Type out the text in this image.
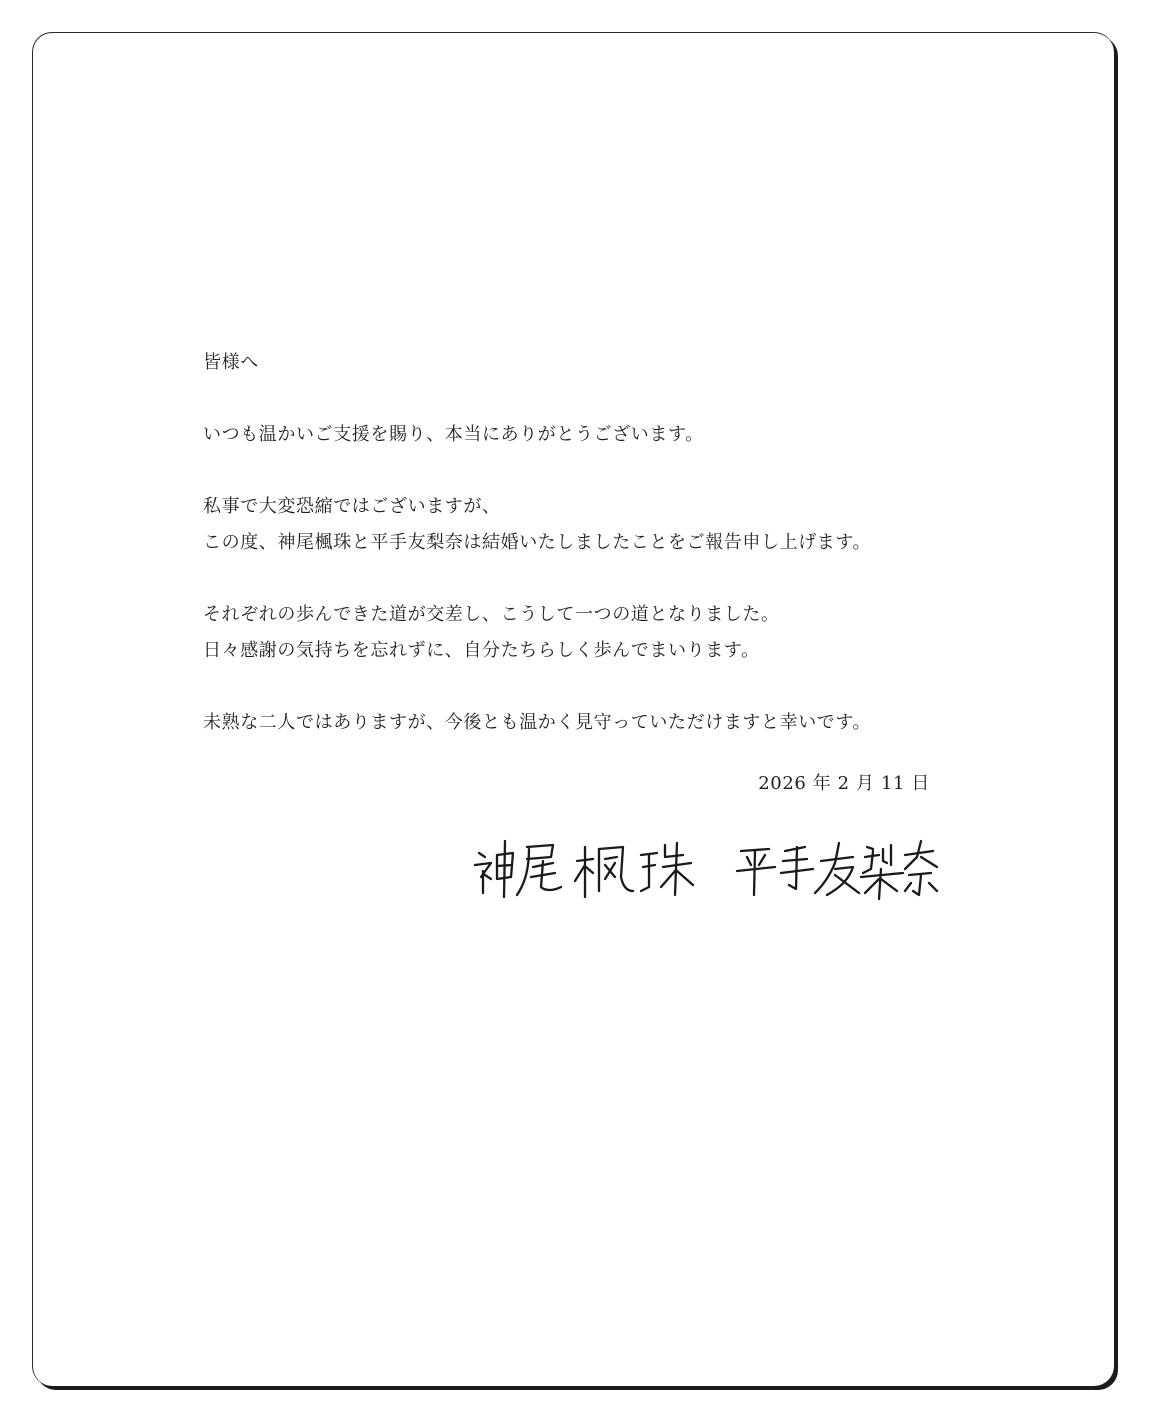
皆様へ

いつも温かいご支援を賜り、本当にありがとうございます。

私事で大変恐縮ではございますが、

この度、神尾楓珠と平手友梨奈は結婚いたしましたことをご報告申し上げます。

それぞれの歩んできた道が交差し、こうして一つの道となりました。

日々感謝の気持ちを忘れずに、自分たちらしく歩んでまいります。

未熟な二人ではありますが、今後とも温かく見守っていただけますと幸いです。

2026 年 2 月 11 日
